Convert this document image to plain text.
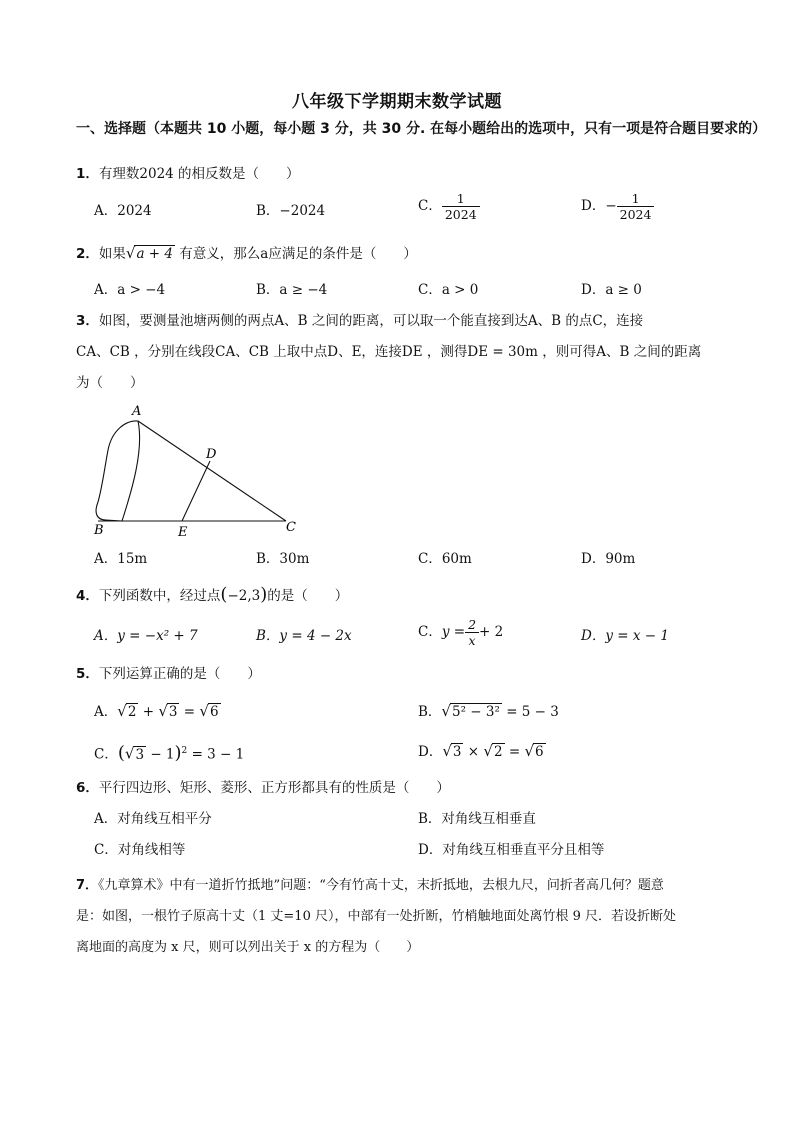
八年级下学期期末数学试题
一、选择题（本题共 10 小题，每小题 3 分，共 30 分. 在每小题给出的选项中，只有一项是符合题目要求的）
1．有理数2024 的相反数是（　　）
A．2024	B．−2024	C． $\frac{1}{2024}$	D．− $\frac{1}{2024}$
2．如果√a + 4 有意义，那么a应满足的条件是（　　）
A．a > −4	B．a ≥ −4	C．a > 0	D．a ≥ 0
3．如图，要测量池塘两侧的两点A、B 之间的距离，可以取一个能直接到达A、B 的点C，连接
CA、CB ，分别在线段CA、CB 上取中点D、E，连接DE ，测得DE = 30m ，则可得A、B 之间的距离
为（　　）
A
D
B	E	C
A．15m	B．30m	C．60m	D．90m
4．下列函数中，经过点(−2,3)的是（　　）
A．y = −x² + 7	B．y = 4 − 2x	C．$y = \frac{2}{x} + 2$	D．y = x − 1
5．下列运算正确的是（　　）
A．√2 + √3 = √6	B．√5² − 3² = 5 − 3
C．$(√3 - 1)^2 = 3 - 1$	D．√3 × √2 = √6
6．平行四边形、矩形、菱形、正方形都具有的性质是（　　）
A．对角线互相平分	B．对角线互相垂直
C．对角线相等	D．对角线互相垂直平分且相等
7．《九章算术》中有一道折竹抵地”问题：“今有竹高十丈，末折抵地，去根九尺，问折者高几何？题意
是：如图，一根竹子原高十丈（1 丈=10 尺），中部有一处折断，竹梢触地面处离竹根 9 尺．若设折断处
离地面的高度为 x 尺，则可以列出关于 x 的方程为（　　）
